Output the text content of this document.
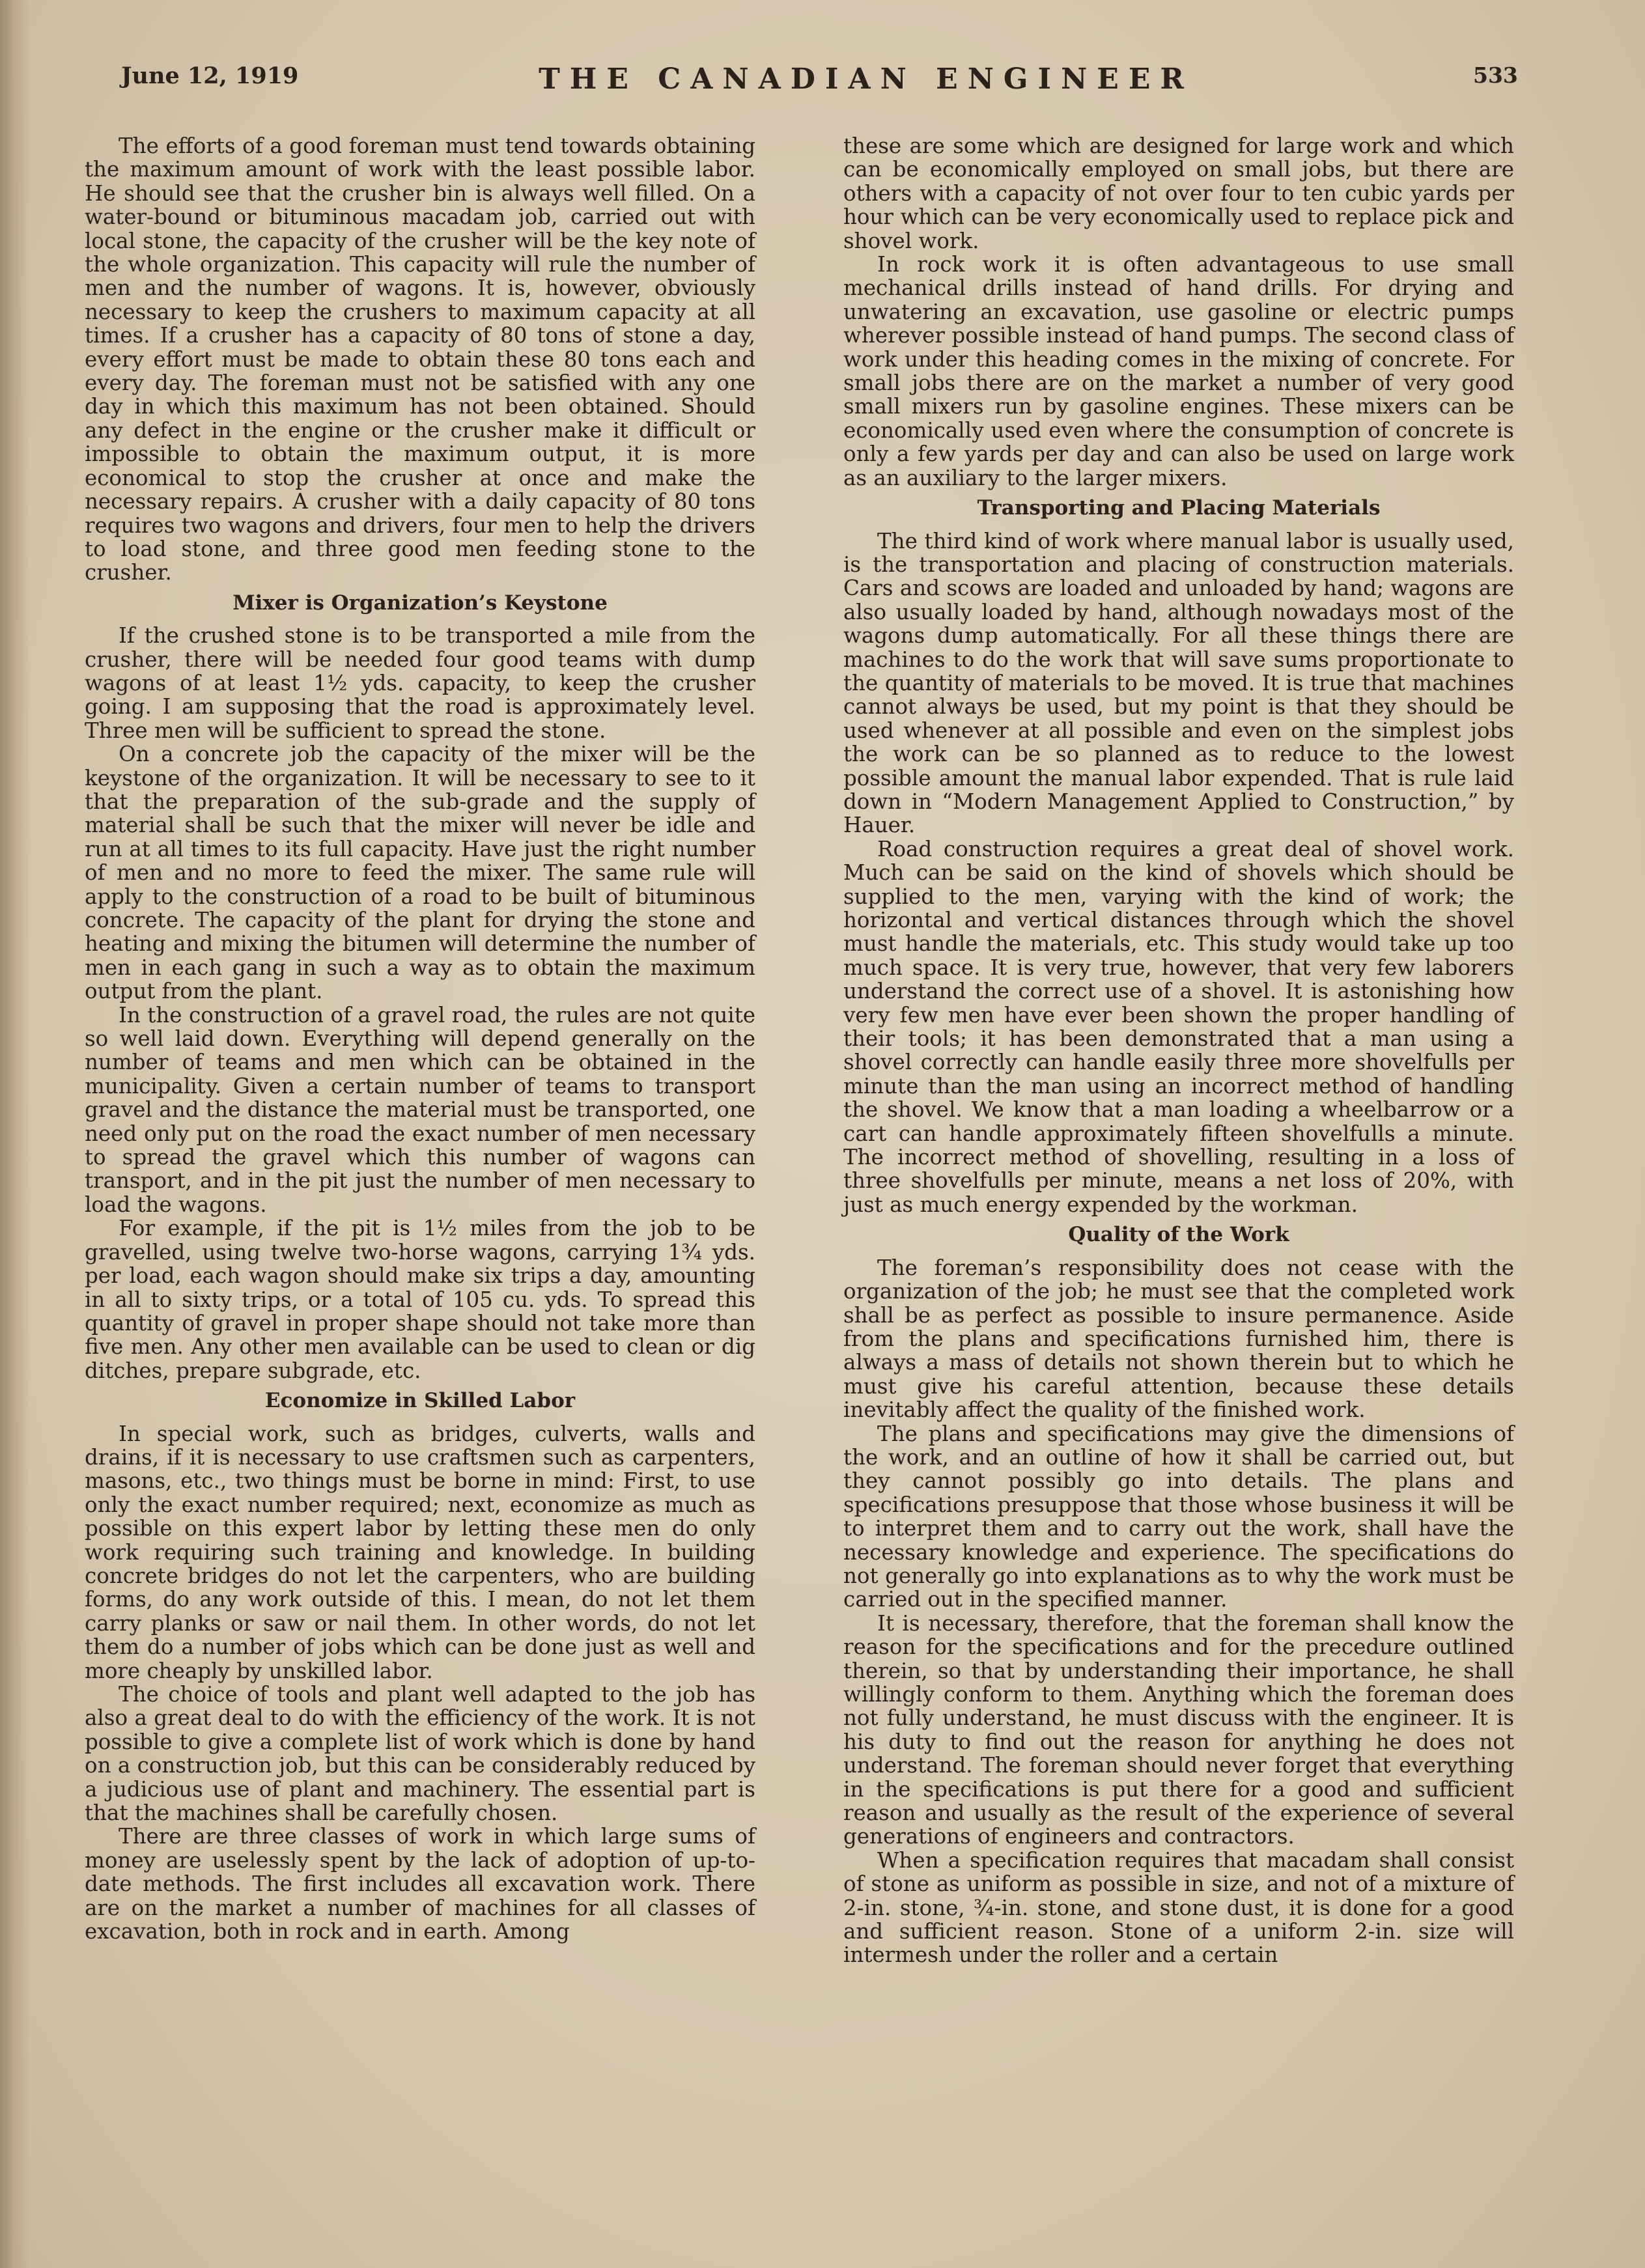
June 12, 1919	THE CANADIAN ENGINEER	533

The efforts of a good foreman must tend towards obtaining the maximum amount of work with the least possible labor. He should see that the crusher bin is always well filled. On a water-bound or bituminous macadam job, carried out with local stone, the capacity of the crusher will be the key note of the whole organization. This capacity will rule the number of men and the number of wagons. It is, however, obviously necessary to keep the crushers to maximum capacity at all times. If a crusher has a capacity of 80 tons of stone a day, every effort must be made to obtain these 80 tons each and every day. The foreman must not be satisfied with any one day in which this maximum has not been obtained. Should any defect in the engine or the crusher make it difficult or impossible to obtain the maximum output, it is more economical to stop the crusher at once and make the necessary repairs. A crusher with a daily capacity of 80 tons requires two wagons and drivers, four men to help the drivers to load stone, and three good men feeding stone to the crusher.

Mixer is Organization’s Keystone

If the crushed stone is to be transported a mile from the crusher, there will be needed four good teams with dump wagons of at least 1½ yds. capacity, to keep the crusher going. I am supposing that the road is approximately level. Three men will be sufficient to spread the stone.

On a concrete job the capacity of the mixer will be the keystone of the organization. It will be necessary to see to it that the preparation of the sub-grade and the supply of material shall be such that the mixer will never be idle and run at all times to its full capacity. Have just the right number of men and no more to feed the mixer. The same rule will apply to the construction of a road to be built of bituminous concrete. The capacity of the plant for drying the stone and heating and mixing the bitumen will determine the number of men in each gang in such a way as to obtain the maximum output from the plant.

In the construction of a gravel road, the rules are not quite so well laid down. Everything will depend generally on the number of teams and men which can be obtained in the municipality. Given a certain number of teams to transport gravel and the distance the material must be transported, one need only put on the road the exact number of men necessary to spread the gravel which this number of wagons can transport, and in the pit just the number of men necessary to load the wagons.

For example, if the pit is 1½ miles from the job to be gravelled, using twelve two-horse wagons, carrying 1¾ yds. per load, each wagon should make six trips a day, amounting in all to sixty trips, or a total of 105 cu. yds. To spread this quantity of gravel in proper shape should not take more than five men. Any other men available can be used to clean or dig ditches, prepare subgrade, etc.

Economize in Skilled Labor

In special work, such as bridges, culverts, walls and drains, if it is necessary to use craftsmen such as carpenters, masons, etc., two things must be borne in mind: First, to use only the exact number required; next, economize as much as possible on this expert labor by letting these men do only work requiring such training and knowledge. In building concrete bridges do not let the carpenters, who are building forms, do any work outside of this. I mean, do not let them carry planks or saw or nail them. In other words, do not let them do a number of jobs which can be done just as well and more cheaply by unskilled labor.

The choice of tools and plant well adapted to the job has also a great deal to do with the efficiency of the work. It is not possible to give a complete list of work which is done by hand on a construction job, but this can be considerably reduced by a judicious use of plant and machinery. The essential part is that the machines shall be carefully chosen.

There are three classes of work in which large sums of money are uselessly spent by the lack of adoption of up-to-date methods. The first includes all excavation work. There are on the market a number of machines for all classes of excavation, both in rock and in earth. Among

these are some which are designed for large work and which can be economically employed on small jobs, but there are others with a capacity of not over four to ten cubic yards per hour which can be very economically used to replace pick and shovel work.

In rock work it is often advantageous to use small mechanical drills instead of hand drills. For drying and unwatering an excavation, use gasoline or electric pumps wherever possible instead of hand pumps. The second class of work under this heading comes in the mixing of concrete. For small jobs there are on the market a number of very good small mixers run by gasoline engines. These mixers can be economically used even where the consumption of concrete is only a few yards per day and can also be used on large work as an auxiliary to the larger mixers.

Transporting and Placing Materials

The third kind of work where manual labor is usually used, is the transportation and placing of construction materials. Cars and scows are loaded and unloaded by hand; wagons are also usually loaded by hand, although nowadays most of the wagons dump automatically. For all these things there are machines to do the work that will save sums proportionate to the quantity of materials to be moved. It is true that machines cannot always be used, but my point is that they should be used whenever at all possible and even on the simplest jobs the work can be so planned as to reduce to the lowest possible amount the manual labor expended. That is rule laid down in “Modern Management Applied to Construction,” by Hauer.

Road construction requires a great deal of shovel work. Much can be said on the kind of shovels which should be supplied to the men, varying with the kind of work; the horizontal and vertical distances through which the shovel must handle the materials, etc. This study would take up too much space. It is very true, however, that very few laborers understand the correct use of a shovel. It is astonishing how very few men have ever been shown the proper handling of their tools; it has been demonstrated that a man using a shovel correctly can handle easily three more shovelfulls per minute than the man using an incorrect method of handling the shovel. We know that a man loading a wheelbarrow or a cart can handle approximately fifteen shovelfulls a minute. The incorrect method of shovelling, resulting in a loss of three shovelfulls per minute, means a net loss of 20%, with just as much energy expended by the workman.

Quality of the Work

The foreman’s responsibility does not cease with the organization of the job; he must see that the completed work shall be as perfect as possible to insure permanence. Aside from the plans and specifications furnished him, there is always a mass of details not shown therein but to which he must give his careful attention, because these details inevitably affect the quality of the finished work.

The plans and specifications may give the dimensions of the work, and an outline of how it shall be carried out, but they cannot possibly go into details. The plans and specifications presuppose that those whose business it will be to interpret them and to carry out the work, shall have the necessary knowledge and experience. The specifications do not generally go into explanations as to why the work must be carried out in the specified manner.

It is necessary, therefore, that the foreman shall know the reason for the specifications and for the precedure outlined therein, so that by understanding their importance, he shall willingly conform to them. Anything which the foreman does not fully understand, he must discuss with the engineer. It is his duty to find out the reason for anything he does not understand. The foreman should never forget that everything in the specifications is put there for a good and sufficient reason and usually as the result of the experience of several generations of engineers and contractors.

When a specification requires that macadam shall consist of stone as uniform as possible in size, and not of a mixture of 2-in. stone, ¾-in. stone, and stone dust, it is done for a good and sufficient reason. Stone of a uniform 2-in. size will intermesh under the roller and a certain
